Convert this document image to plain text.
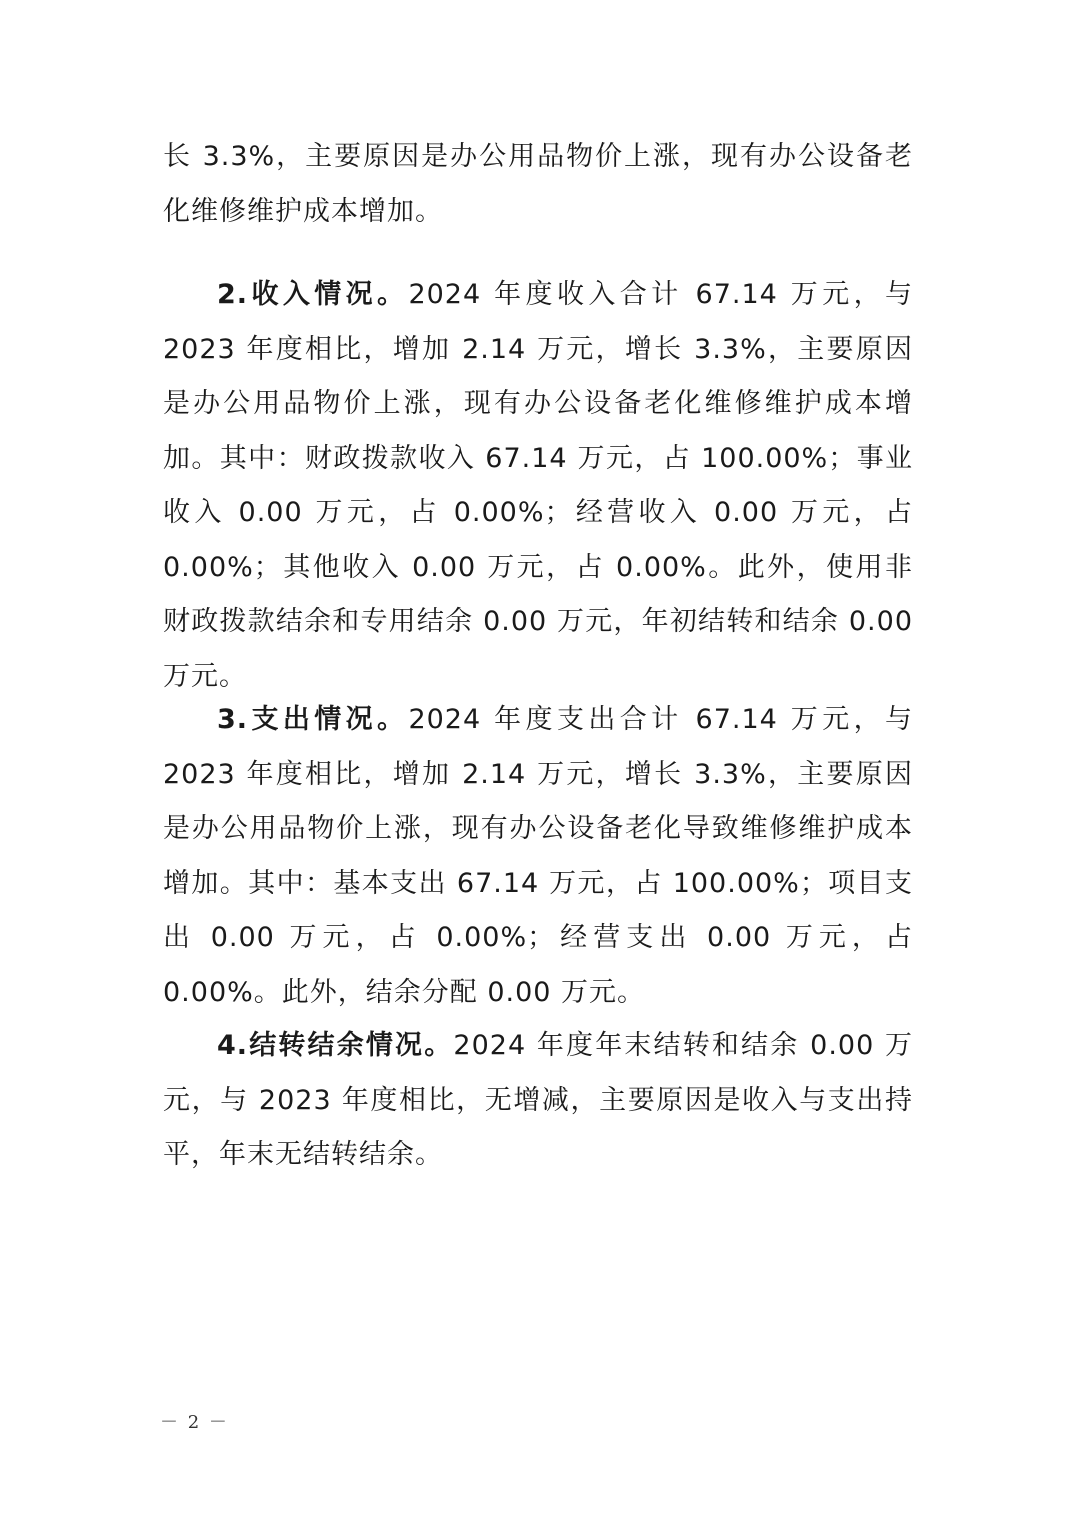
长 3.3%，主要原因是办公用品物价上涨，现有办公设备老化维修维护成本增加。

2.收入情况。2024 年度收入合计 67.14 万元，与 2023 年度相比，增加 2.14 万元，增长 3.3%，主要原因是办公用品物价上涨，现有办公设备老化维修维护成本增加。其中：财政拨款收入 67.14 万元，占 100.00%；事业收入 0.00 万元，占 0.00%；经营收入 0.00 万元，占 0.00%；其他收入 0.00 万元，占 0.00%。此外，使用非财政拨款结余和专用结余 0.00 万元，年初结转和结余 0.00 万元。

3.支出情况。2024 年度支出合计 67.14 万元，与 2023 年度相比，增加 2.14 万元，增长 3.3%，主要原因是办公用品物价上涨，现有办公设备老化导致维修维护成本增加。其中：基本支出 67.14 万元，占 100.00%；项目支出 0.00 万元，占 0.00%；经营支出 0.00 万元，占 0.00%。此外，结余分配 0.00 万元。

4.结转结余情况。2024 年度年末结转和结余 0.00 万元，与 2023 年度相比，无增减，主要原因是收入与支出持平，年末无结转结余。

－ 2 －
